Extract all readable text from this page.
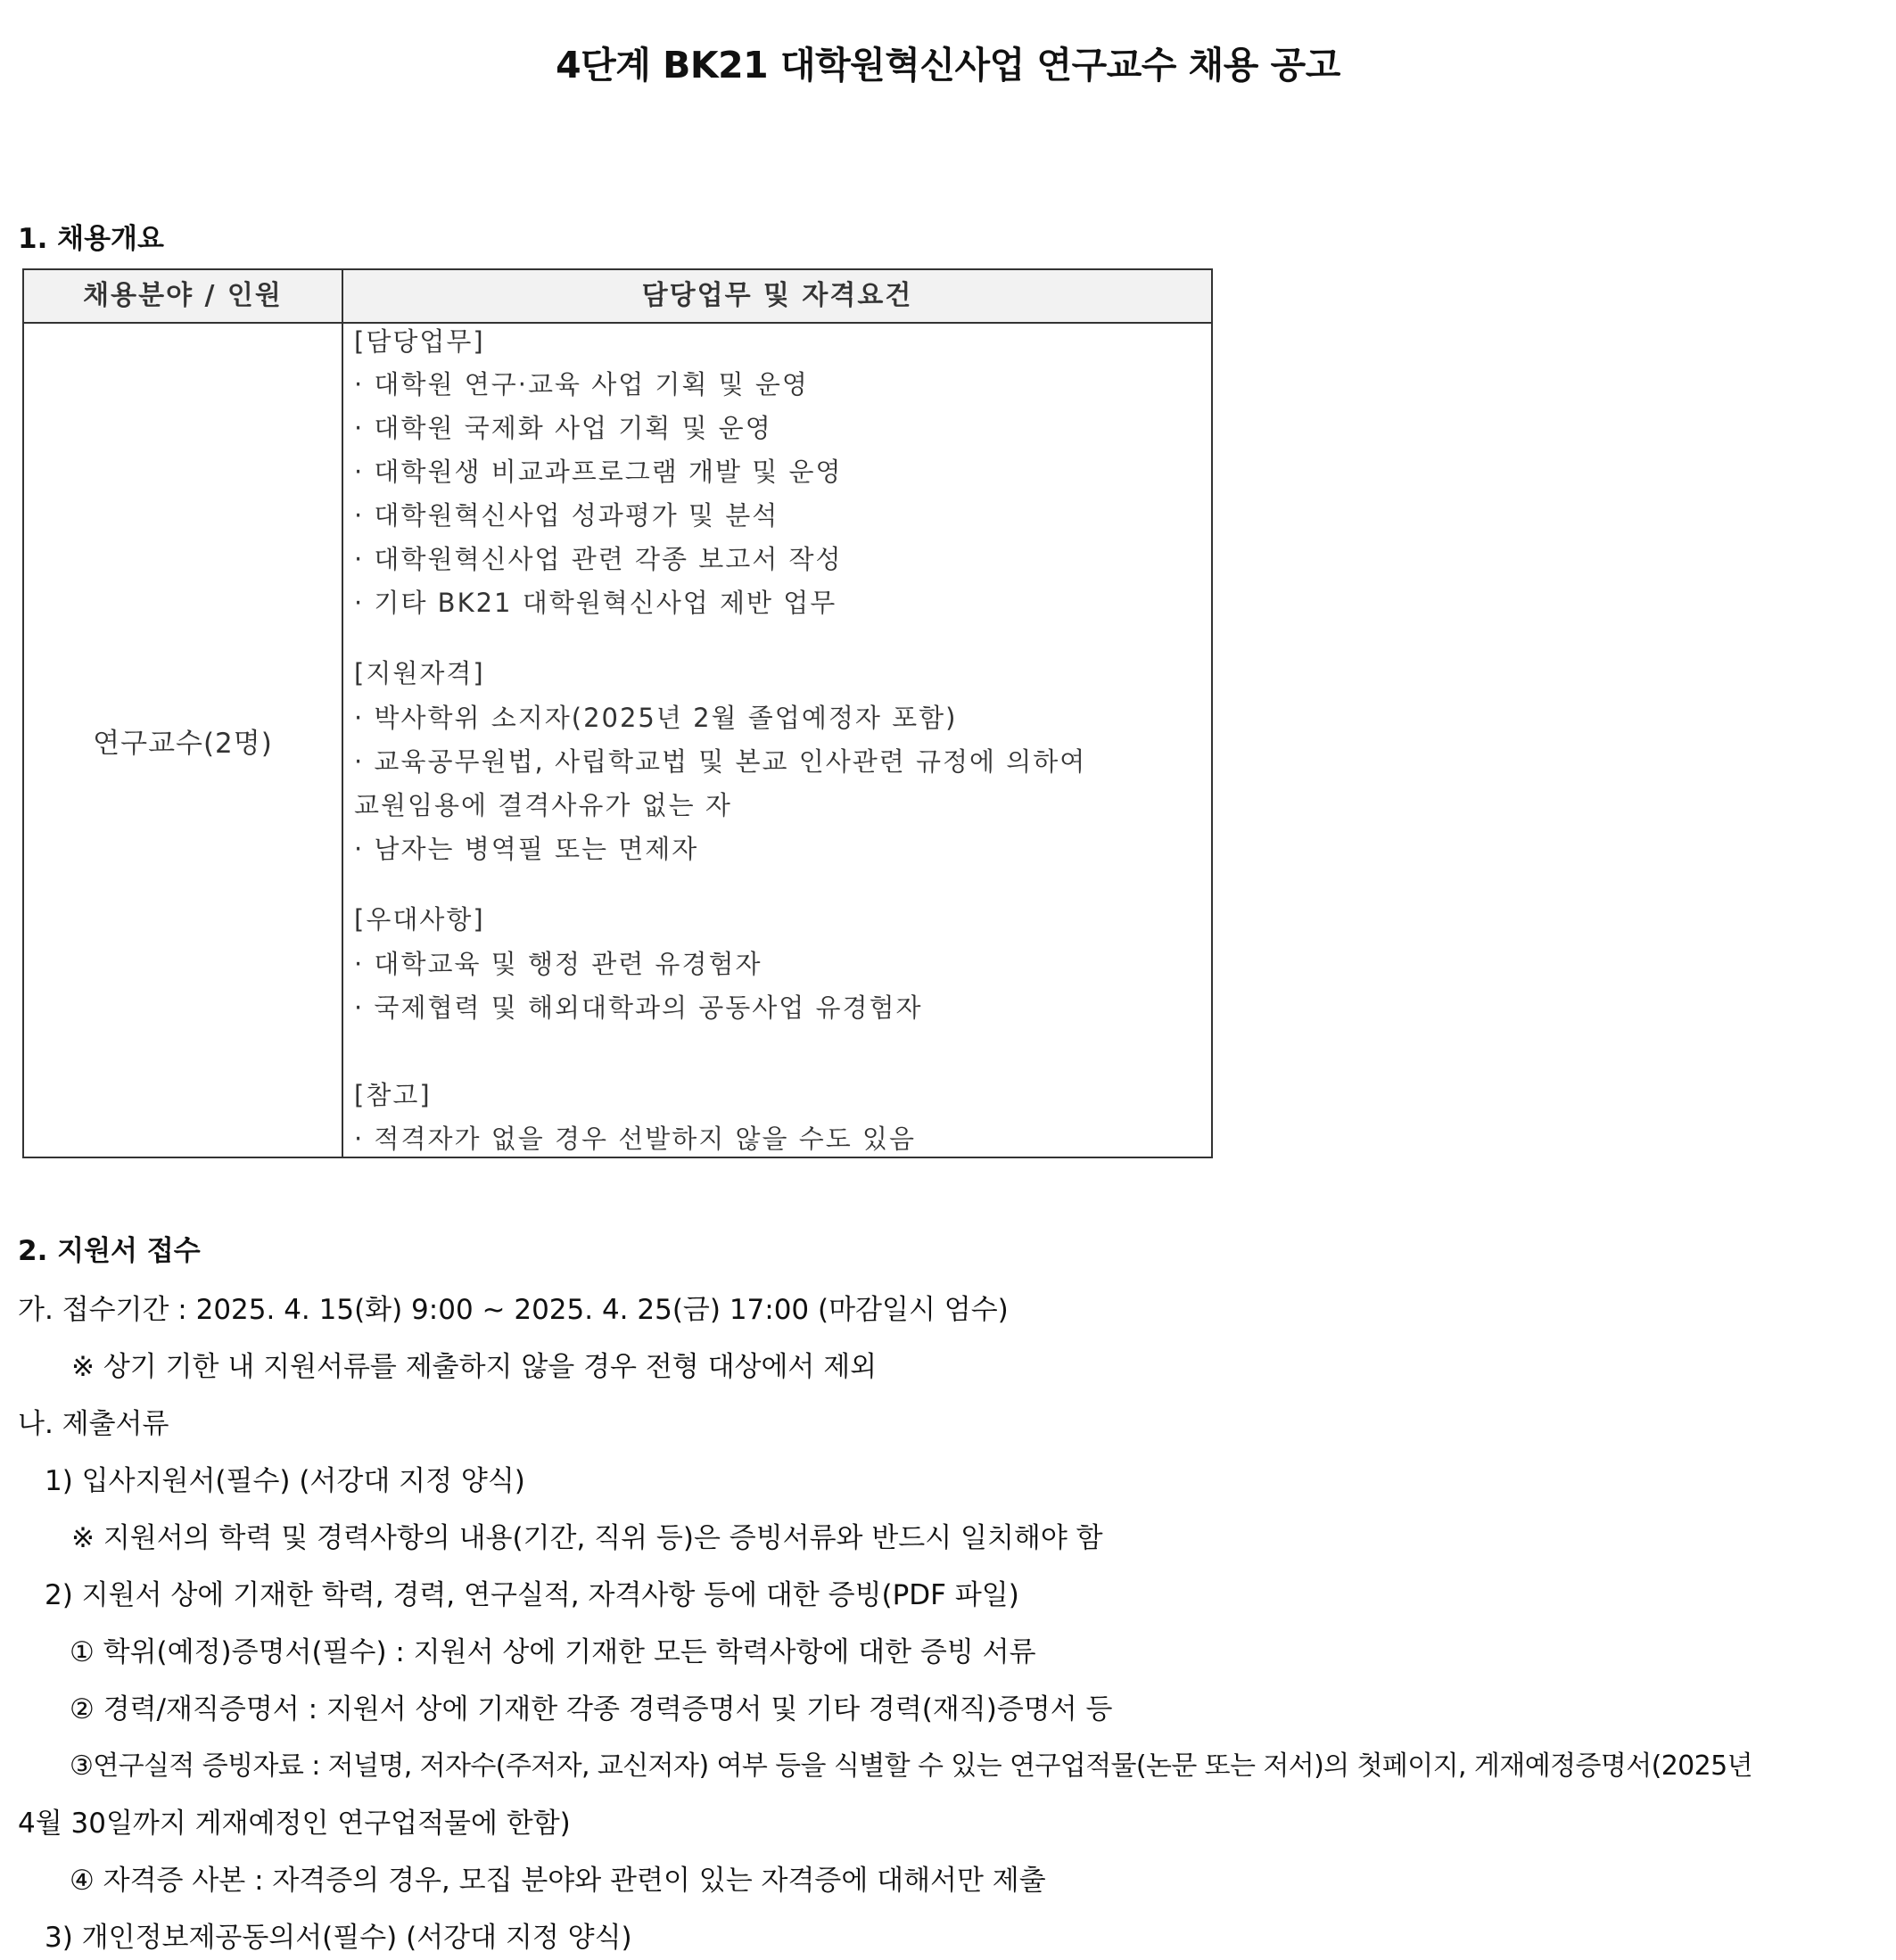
4단계 BK21 대학원혁신사업 연구교수 채용 공고
1. 채용개요
채용분야 / 인원	담당업무 및 자격요건
연구교수(2명)
[담당업무]
· 대학원 연구·교육 사업 기획 및 운영
· 대학원 국제화 사업 기획 및 운영
· 대학원생 비교과프로그램 개발 및 운영
· 대학원혁신사업 성과평가 및 분석
· 대학원혁신사업 관련 각종 보고서 작성
· 기타 BK21 대학원혁신사업 제반 업무
[지원자격]
· 박사학위 소지자(2025년 2월 졸업예정자 포함)
· 교육공무원법, 사립학교법 및 본교 인사관련 규정에 의하여
교원임용에 결격사유가 없는 자
· 남자는 병역필 또는 면제자
[우대사항]
· 대학교육 및 행정 관련 유경험자
· 국제협력 및 해외대학과의 공동사업 유경험자
[참고]
· 적격자가 없을 경우 선발하지 않을 수도 있음
2. 지원서 접수
가. 접수기간 : 2025. 4. 15(화) 9:00 ~ 2025. 4. 25(금) 17:00 (마감일시 엄수)
※ 상기 기한 내 지원서류를 제출하지 않을 경우 전형 대상에서 제외
나. 제출서류
1) 입사지원서(필수) (서강대 지정 양식)
※ 지원서의 학력 및 경력사항의 내용(기간, 직위 등)은 증빙서류와 반드시 일치해야 함
2) 지원서 상에 기재한 학력, 경력, 연구실적, 자격사항 등에 대한 증빙(PDF 파일)
① 학위(예정)증명서(필수) : 지원서 상에 기재한 모든 학력사항에 대한 증빙 서류
② 경력/재직증명서 : 지원서 상에 기재한 각종 경력증명서 및 기타 경력(재직)증명서 등
③연구실적 증빙자료 : 저널명, 저자수(주저자, 교신저자) 여부 등을 식별할 수 있는 연구업적물(논문 또는 저서)의 첫페이지, 게재예정증명서(2025년
4월 30일까지 게재예정인 연구업적물에 한함)
④ 자격증 사본 : 자격증의 경우, 모집 분야와 관련이 있는 자격증에 대해서만 제출
3) 개인정보제공동의서(필수) (서강대 지정 양식)
